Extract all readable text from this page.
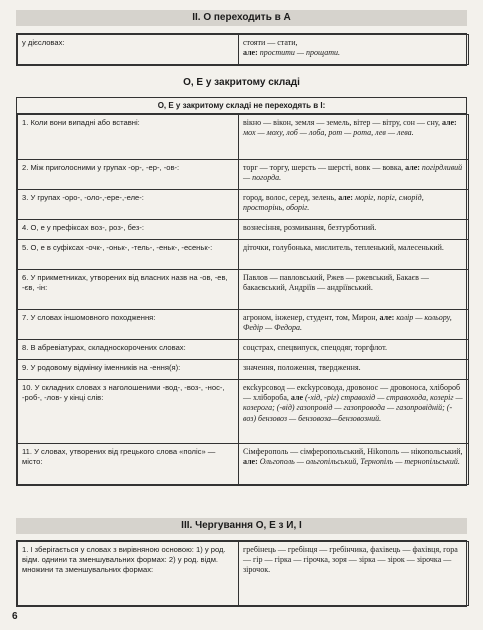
ІІ. О переходить в А
у дієсловах:	стояти — стати,
але: простити — прощати.
О, Е у закритому складі
О, Е у закритому складі не переходять в І:
1. Коли вони випадні або вставні:	вікно — вікон, земля — земель, вітер — вітру, сон — сну, але: мох — моху, лоб — лоба, рот — рота, лев — лева.
2. Між приголосними у групах -ор-, -ер-, -ов-:	торг — торгу, шерсть — шерсті, вовк — вовка, але: погірдливий — погорда.
3. У групах -оро-, -оло-,-ере-,-еле-:	город, волос, серед, зелень, але: моріг, поріг, сморід, просторінь, оборіг.
4. О, е у префіксах воз-, роз-, без-:	вознесіння, розмивання, безтурботний.
5. О, е в суфіксах -очк-, -оньк-, -тель-, -еньк-, -есеньк-:	діточки, голубонька, мислитель, тепленький, малесенький.
6. У прикметниках, утворених від власних назв на -ов, -ев, -єв, -ін:	Павлов — павловський, Ржев — ржевський, Бакаєв — бакаєвський, Андріїв — андріївський.
7. У словах іншомовного походження:	агроном, інженер, студент, том, Мирон, але: колір — кольору, Федір — Федора.
8. В абревіатурах, складноскорочених словах:	соцстрах, спецвипуск, спецодяг, торгфлот.
9. У родовому відмінку іменників на -ення(я):	значення, положення, твердження.
10. У складних словах з наголошеними -вод-, -воз-, -нос-, -роб-, -лов- у кінці слів:	ексkурсовод — ексkурсовода, дровонос — дровоноса, хлібороб — хлібороба, але (-хід, -ріг) стравохід — стравохода, козеріг — козерога; (-від) газопровід — газопровода — газопровідній; (-воз) бензовоз — бензовоза—бензовозний.
11. У словах, утворених від грецького слова «поліс» — місто:	Сімферополь — сімферопольський, Ніkополь — нікопольський, але: Ольгополь — ольгопільський, Тернопіль — тернопільський.
ІІІ. Чергування О, Е з И, І
1. І зберігається у словах з вирівняною основою: 1) у род. відм. однини та зменшувальних формах: 2) у род. відм. множини та зменшувальних формах:	гребінець — гребінця — гребінчика, фахівець — фахівця, гора — гір — гірка — гірочка, зоря — зірка — зірок — зірочка — зірочок.
6
